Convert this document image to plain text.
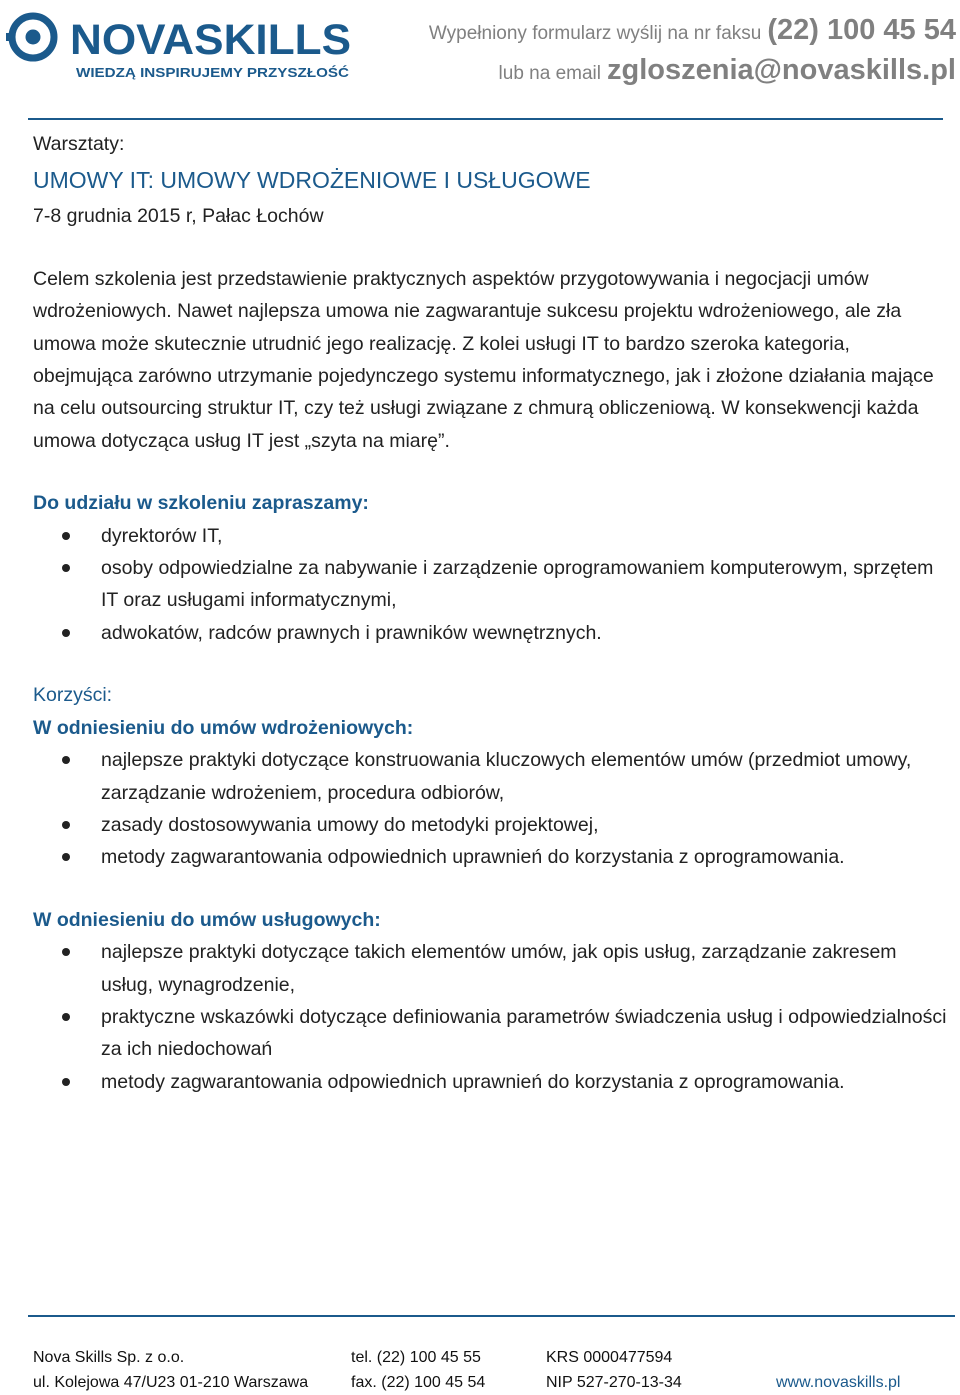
NOVASKILLS
WIEDZĄ INSPIRUJEMY PRZYSZŁOŚĆ
Wypełniony formularz wyślij na nr faksu (22) 100 45 54
lub na email zgloszenia@novaskills.pl

Warsztaty:

UMOWY IT: UMOWY WDROŻENIOWE I USŁUGOWE

7-8 grudnia 2015 r, Pałac Łochów

Celem szkolenia jest przedstawienie praktycznych aspektów przygotowywania i negocjacji umów wdrożeniowych. Nawet najlepsza umowa nie zagwarantuje sukcesu projektu wdrożeniowego, ale zła umowa może skutecznie utrudnić jego realizację. Z kolei usługi IT to bardzo szeroka kategoria, obejmująca zarówno utrzymanie pojedynczego systemu informatycznego, jak i złożone działania mające na celu outsourcing struktur IT, czy też usługi związane z chmurą obliczeniową. W konsekwencji każda umowa dotycząca usług IT jest „szyta na miarę”.

Do udziału w szkoleniu zapraszamy:

dyrektorów IT,
osoby odpowiedzialne za nabywanie i zarządzenie oprogramowaniem komputerowym, sprzętem IT oraz usługami informatycznymi,
adwokatów, radców prawnych i prawników wewnętrznych.

Korzyści:

W odniesieniu do umów wdrożeniowych:

najlepsze praktyki dotyczące konstruowania kluczowych elementów umów (przedmiot umowy, zarządzanie wdrożeniem, procedura odbiorów,
zasady dostosowywania umowy do metodyki projektowej,
metody zagwarantowania odpowiednich uprawnień do korzystania z oprogramowania.

W odniesieniu do umów usługowych:

najlepsze praktyki dotyczące takich elementów umów, jak opis usług, zarządzanie zakresem usług, wynagrodzenie,
praktyczne wskazówki dotyczące definiowania parametrów świadczenia usług i odpowiedzialności za ich niedochowań
metody zagwarantowania odpowiednich uprawnień do korzystania z oprogramowania.
Nova Skills Sp. z o.o.
ul. Kolejowa 47/U23 01-210 Warszawa
tel. (22) 100 45 55
fax. (22) 100 45 54
KRS 0000477594
NIP 527-270-13-34	www.novaskills.pl
